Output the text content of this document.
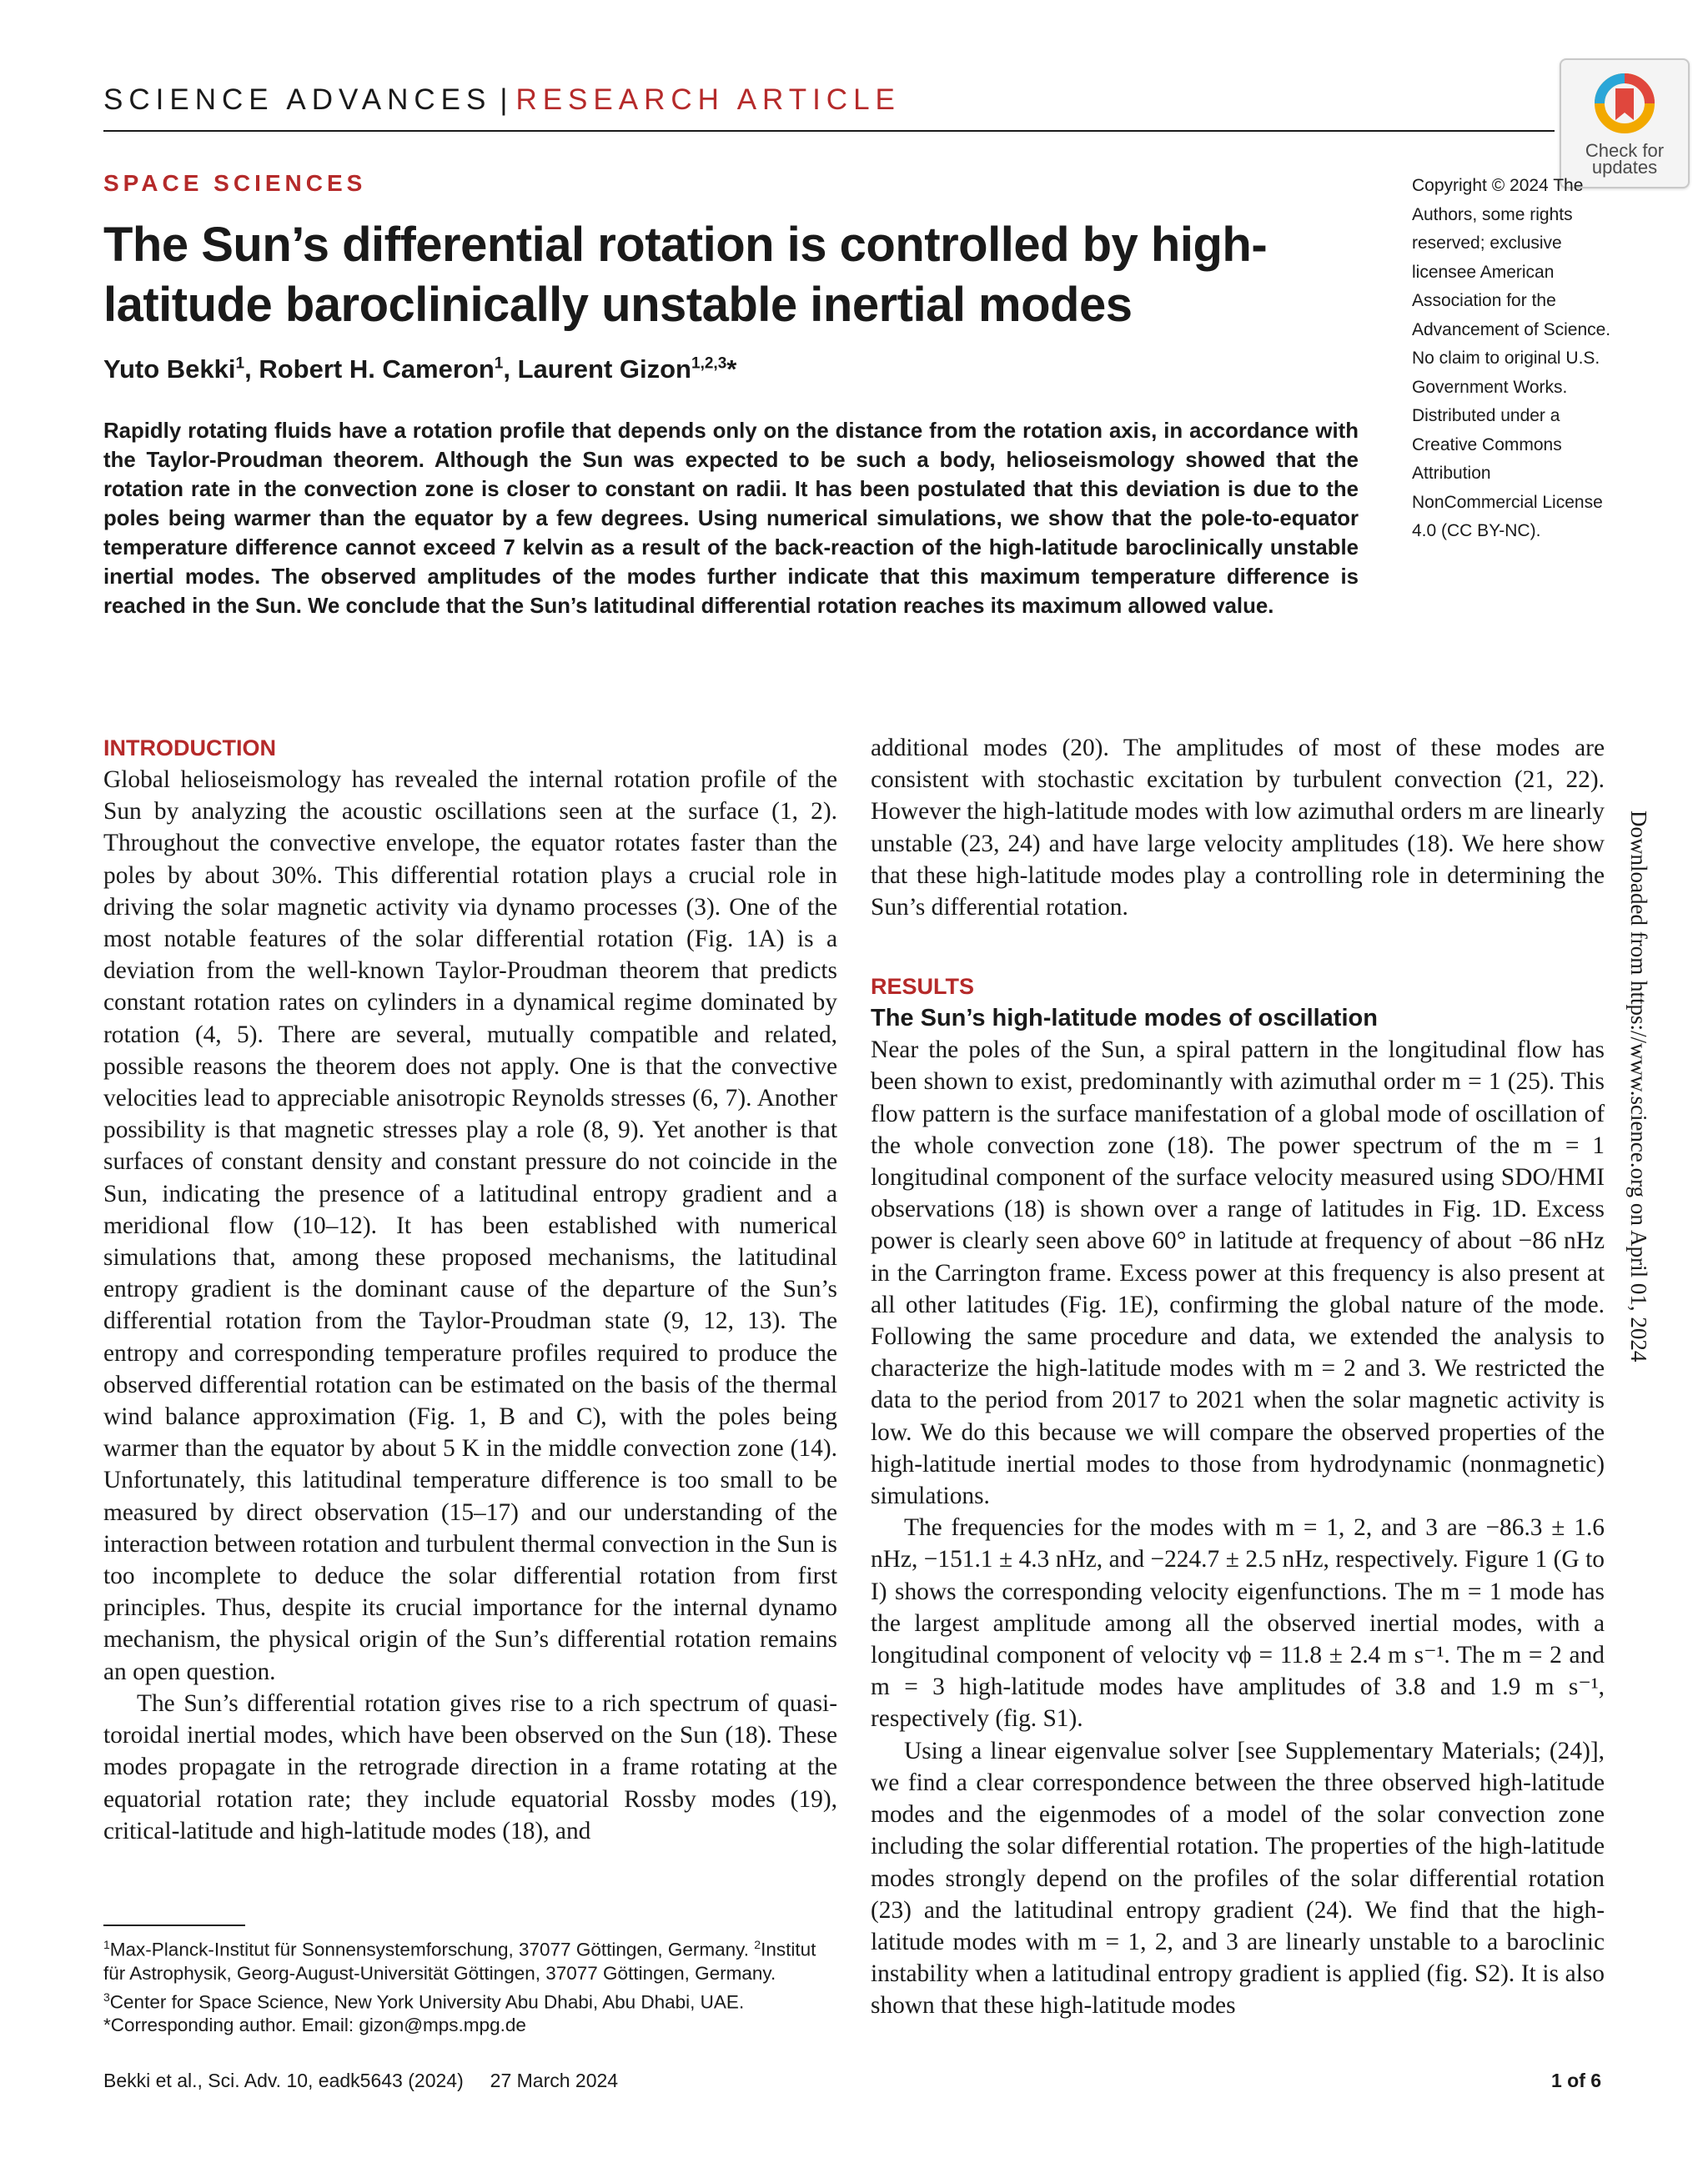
SCIENCE ADVANCES | RESEARCH ARTICLE
Check for
updates
SPACE SCIENCES
The Sun’s differential rotation is controlled by high-latitude baroclinically unstable inertial modes
Yuto Bekki$^1$, Robert H. Cameron$^1$, Laurent Gizon$^{1,2,3}$*
Rapidly rotating fluids have a rotation profile that depends only on the distance from the rotation axis, in accordance with the Taylor-Proudman theorem. Although the Sun was expected to be such a body, helioseismology showed that the rotation rate in the convection zone is closer to constant on radii. It has been postulated that this deviation is due to the poles being warmer than the equator by a few degrees. Using numerical simulations, we show that the pole-to-equator temperature difference cannot exceed 7 kelvin as a result of the back-reaction of the high-latitude baroclinically unstable inertial modes. The observed amplitudes of the modes further indicate that this maximum temperature difference is reached in the Sun. We conclude that the Sun’s latitudinal differential rotation reaches its maximum allowed value.
Copyright © 2024 The Authors, some rights reserved; exclusive licensee American Association for the Advancement of Science. No claim to original U.S. Government Works. Distributed under a Creative Commons Attribution NonCommercial License 4.0 (CC BY-NC).
INTRODUCTION

Global helioseismology has revealed the internal rotation profile of the Sun by analyzing the acoustic oscillations seen at the surface (1, 2). Throughout the convective envelope, the equator rotates faster than the poles by about 30%. This differential rotation plays a crucial role in driving the solar magnetic activity via dynamo processes (3). One of the most notable features of the solar differential rotation (Fig. 1A) is a deviation from the well-known Taylor-Proudman theorem that predicts constant rotation rates on cylinders in a dynamical regime dominated by rotation (4, 5). There are several, mutually compatible and related, possible reasons the theorem does not apply. One is that the convective velocities lead to appreciable anisotropic Reynolds stresses (6, 7). Another possibility is that magnetic stresses play a role (8, 9). Yet another is that surfaces of constant density and constant pressure do not coincide in the Sun, indicating the presence of a latitudinal entropy gradient and a meridional flow (10–12). It has been established with numerical simulations that, among these proposed mechanisms, the latitudinal entropy gradient is the dominant cause of the departure of the Sun’s differential rotation from the Taylor-Proudman state (9, 12, 13). The entropy and corresponding temperature profiles required to produce the observed differential rotation can be estimated on the basis of the thermal wind balance approximation (Fig. 1, B and C), with the poles being warmer than the equator by about 5 K in the middle convection zone (14). Unfortunately, this latitudinal temperature difference is too small to be measured by direct observation (15–17) and our understanding of the interaction between rotation and turbulent thermal convection in the Sun is too incomplete to deduce the solar differential rotation from first principles. Thus, despite its crucial importance for the internal dynamo mechanism, the physical origin of the Sun’s differential rotation remains an open question.

The Sun’s differential rotation gives rise to a rich spectrum of quasi-toroidal inertial modes, which have been observed on the Sun (18). These modes propagate in the retrograde direction in a frame rotating at the equatorial rotation rate; they include equatorial Rossby modes (19), critical-latitude and high-latitude modes (18), and

additional modes (20). The amplitudes of most of these modes are consistent with stochastic excitation by turbulent convection (21, 22). However the high-latitude modes with low azimuthal orders m are linearly unstable (23, 24) and have large velocity amplitudes (18). We here show that these high-latitude modes play a controlling role in determining the Sun’s differential rotation.

RESULTS
The Sun’s high-latitude modes of oscillation

Near the poles of the Sun, a spiral pattern in the longitudinal flow has been shown to exist, predominantly with azimuthal order m = 1 (25). This flow pattern is the surface manifestation of a global mode of oscillation of the whole convection zone (18). The power spectrum of the m = 1 longitudinal component of the surface velocity measured using SDO/HMI observations (18) is shown over a range of latitudes in Fig. 1D. Excess power is clearly seen above 60° in latitude at frequency of about −86 nHz in the Carrington frame. Excess power at this frequency is also present at all other latitudes (Fig. 1E), confirming the global nature of the mode. Following the same procedure and data, we extended the analysis to characterize the high-latitude modes with m = 2 and 3. We restricted the data to the period from 2017 to 2021 when the solar magnetic activity is low. We do this because we will compare the observed properties of the high-latitude inertial modes to those from hydrodynamic (nonmagnetic) simulations.

The frequencies for the modes with m = 1, 2, and 3 are −86.3 ± 1.6 nHz, −151.1 ± 4.3 nHz, and −224.7 ± 2.5 nHz, respectively. Figure 1 (G to I) shows the corresponding velocity eigenfunctions. The m = 1 mode has the largest amplitude among all the observed inertial modes, with a longitudinal component of velocity vϕ = 11.8 ± 2.4 m s⁻¹. The m = 2 and m = 3 high-latitude modes have amplitudes of 3.8 and 1.9 m s⁻¹, respectively (fig. S1).

Using a linear eigenvalue solver [see Supplementary Materials; (24)], we find a clear correspondence between the three observed high-latitude modes and the eigenmodes of a model of the solar convection zone including the solar differential rotation. The properties of the high-latitude modes strongly depend on the profiles of the solar differential rotation (23) and the latitudinal entropy gradient (24). We find that the high-latitude modes with m = 1, 2, and 3 are linearly unstable to a baroclinic instability when a latitudinal entropy gradient is applied (fig. S2). It is also shown that these high-latitude modes

$^1$Max-Planck-Institut für Sonnensystemforschung, 37077 Göttingen, Germany. $^2$Institut für Astrophysik, Georg-August-Universität Göttingen, 37077 Göttingen, Germany. $^3$Center for Space Science, New York University Abu Dhabi, Abu Dhabi, UAE.
*Corresponding author. Email: gizon@mps.mpg.de
Bekki et al., Sci. Adv. 10, eadk5643 (2024)     27 March 2024	1 of 6
Downloaded from https://www.science.org on April 01, 2024
